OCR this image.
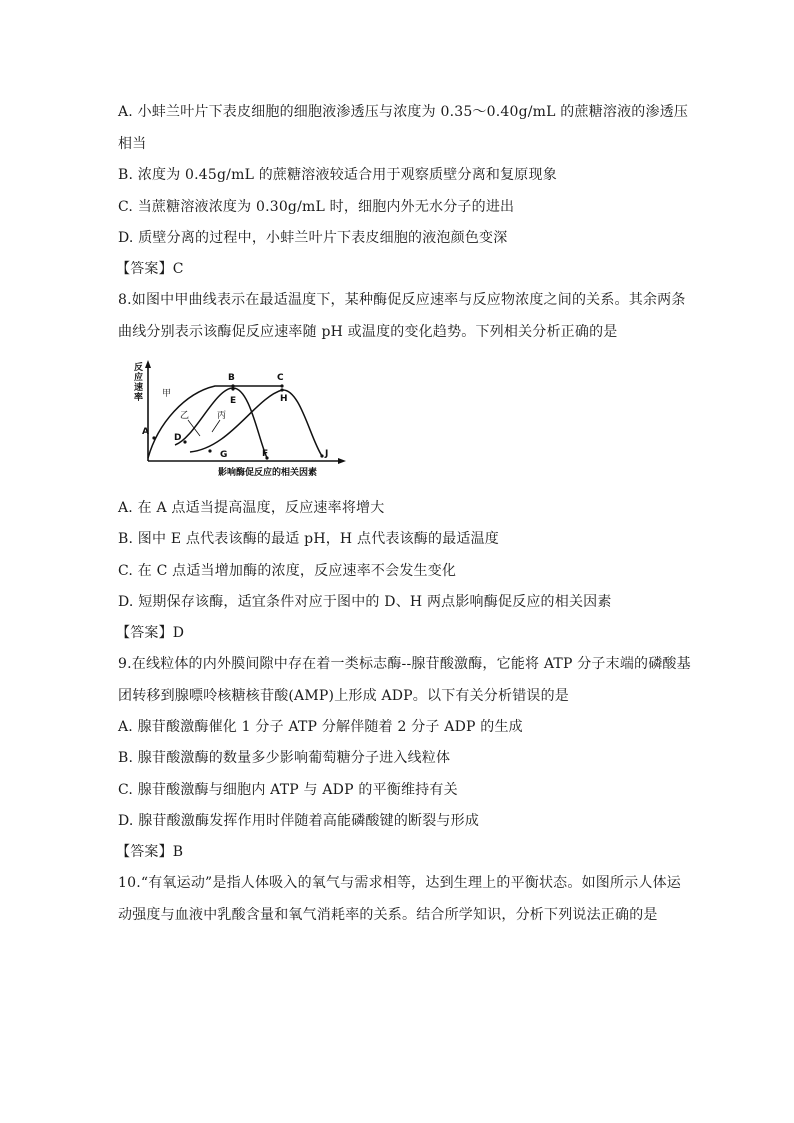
A. 小蚌兰叶片下表皮细胞的细胞液渗透压与浓度为 0.35～0.40g/mL 的蔗糖溶液的渗透压
相当
B. 浓度为 0.45g/mL 的蔗糖溶液较适合用于观察质壁分离和复原现象
C. 当蔗糖溶液浓度为 0.30g/mL 时，细胞内外无水分子的进出
D. 质壁分离的过程中，小蚌兰叶片下表皮细胞的液泡颜色变深
【答案】C
8.如图中甲曲线表示在最适温度下，某种酶促反应速率与反应物浓度之间的关系。其余两条
曲线分别表示该酶促反应速率随 pH 或温度的变化趋势。下列相关分析正确的是
反
应
速
率
A
B	C
D
E
F
G
H
J
甲
乙	丙
影响酶促反应的相关因素
A. 在 A 点适当提高温度，反应速率将增大
B. 图中 E 点代表该酶的最适 pH，H 点代表该酶的最适温度
C. 在 C 点适当增加酶的浓度，反应速率不会发生变化
D. 短期保存该酶，适宜条件对应于图中的 D、H 两点影响酶促反应的相关因素
【答案】D
9.在线粒体的内外膜间隙中存在着一类标志酶--腺苷酸激酶，它能将 ATP 分子末端的磷酸基
团转移到腺嘌呤核糖核苷酸(AMP)上形成 ADP。以下有关分析错误的是
A. 腺苷酸激酶催化 1 分子 ATP 分解伴随着 2 分子 ADP 的生成
B. 腺苷酸激酶的数量多少影响葡萄糖分子进入线粒体
C. 腺苷酸激酶与细胞内 ATP 与 ADP 的平衡维持有关
D. 腺苷酸激酶发挥作用时伴随着高能磷酸键的断裂与形成
【答案】B
10.“有氧运动”是指人体吸入的氧气与需求相等，达到生理上的平衡状态。如图所示人体运
动强度与血液中乳酸含量和氧气消耗率的关系。结合所学知识，分析下列说法正确的是
